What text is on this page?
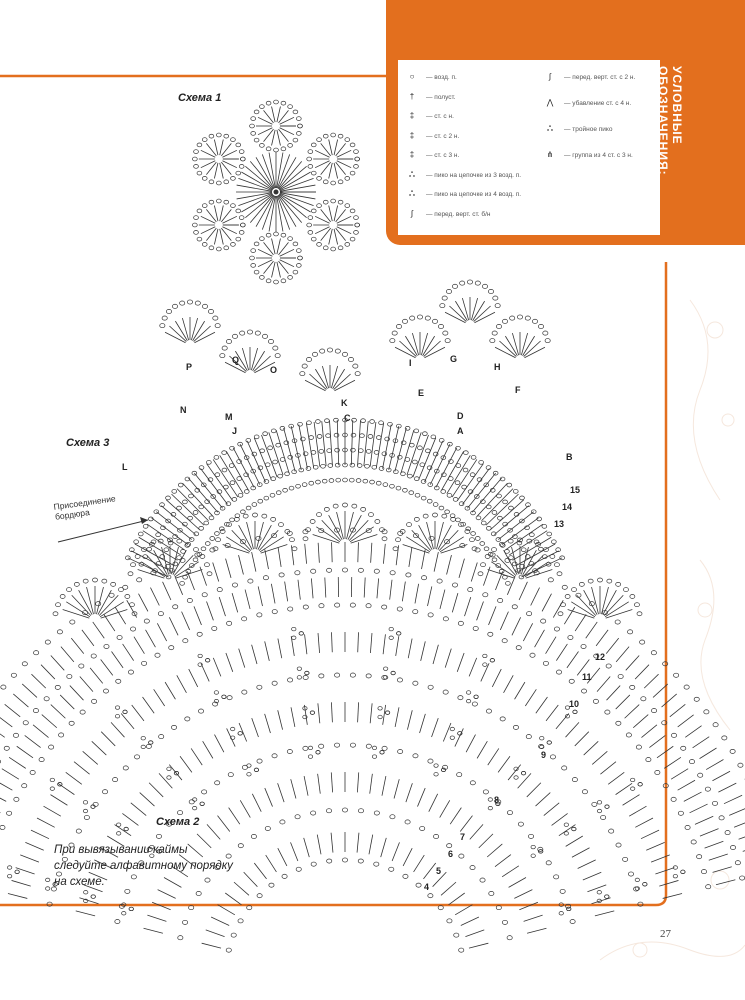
УСЛОВНЫЕ ОБОЗНАЧЕНИЯ:
○ — возд. п.
† — полуст.
‡ — ст. с н.
‡ — ст. с 2 н.
‡ — ст. с 3 н.
ஃ — пико на цепочке из 3 возд. п.
ஃ — пико на цепочке из 4 возд. п.
∫ — перед. верт. ст. б/н
∫ — перед. верт. ст. с 2 н.
⋀ — убавление ст. с 4 н.
ஃ — тройное пико
⋔ — группа из 4 ст. с 3 н.
Схема 1
Схема 3
Схема 2
Присоединение бордюра
При вывязывании каймы следуйте алфавитному порядку на схеме.
27
15
14
13
12
11
10
9
8
7
6
5
4
P
Q
O
N
M
J
L
K
C
I	G
H
E	F
D
A
B
